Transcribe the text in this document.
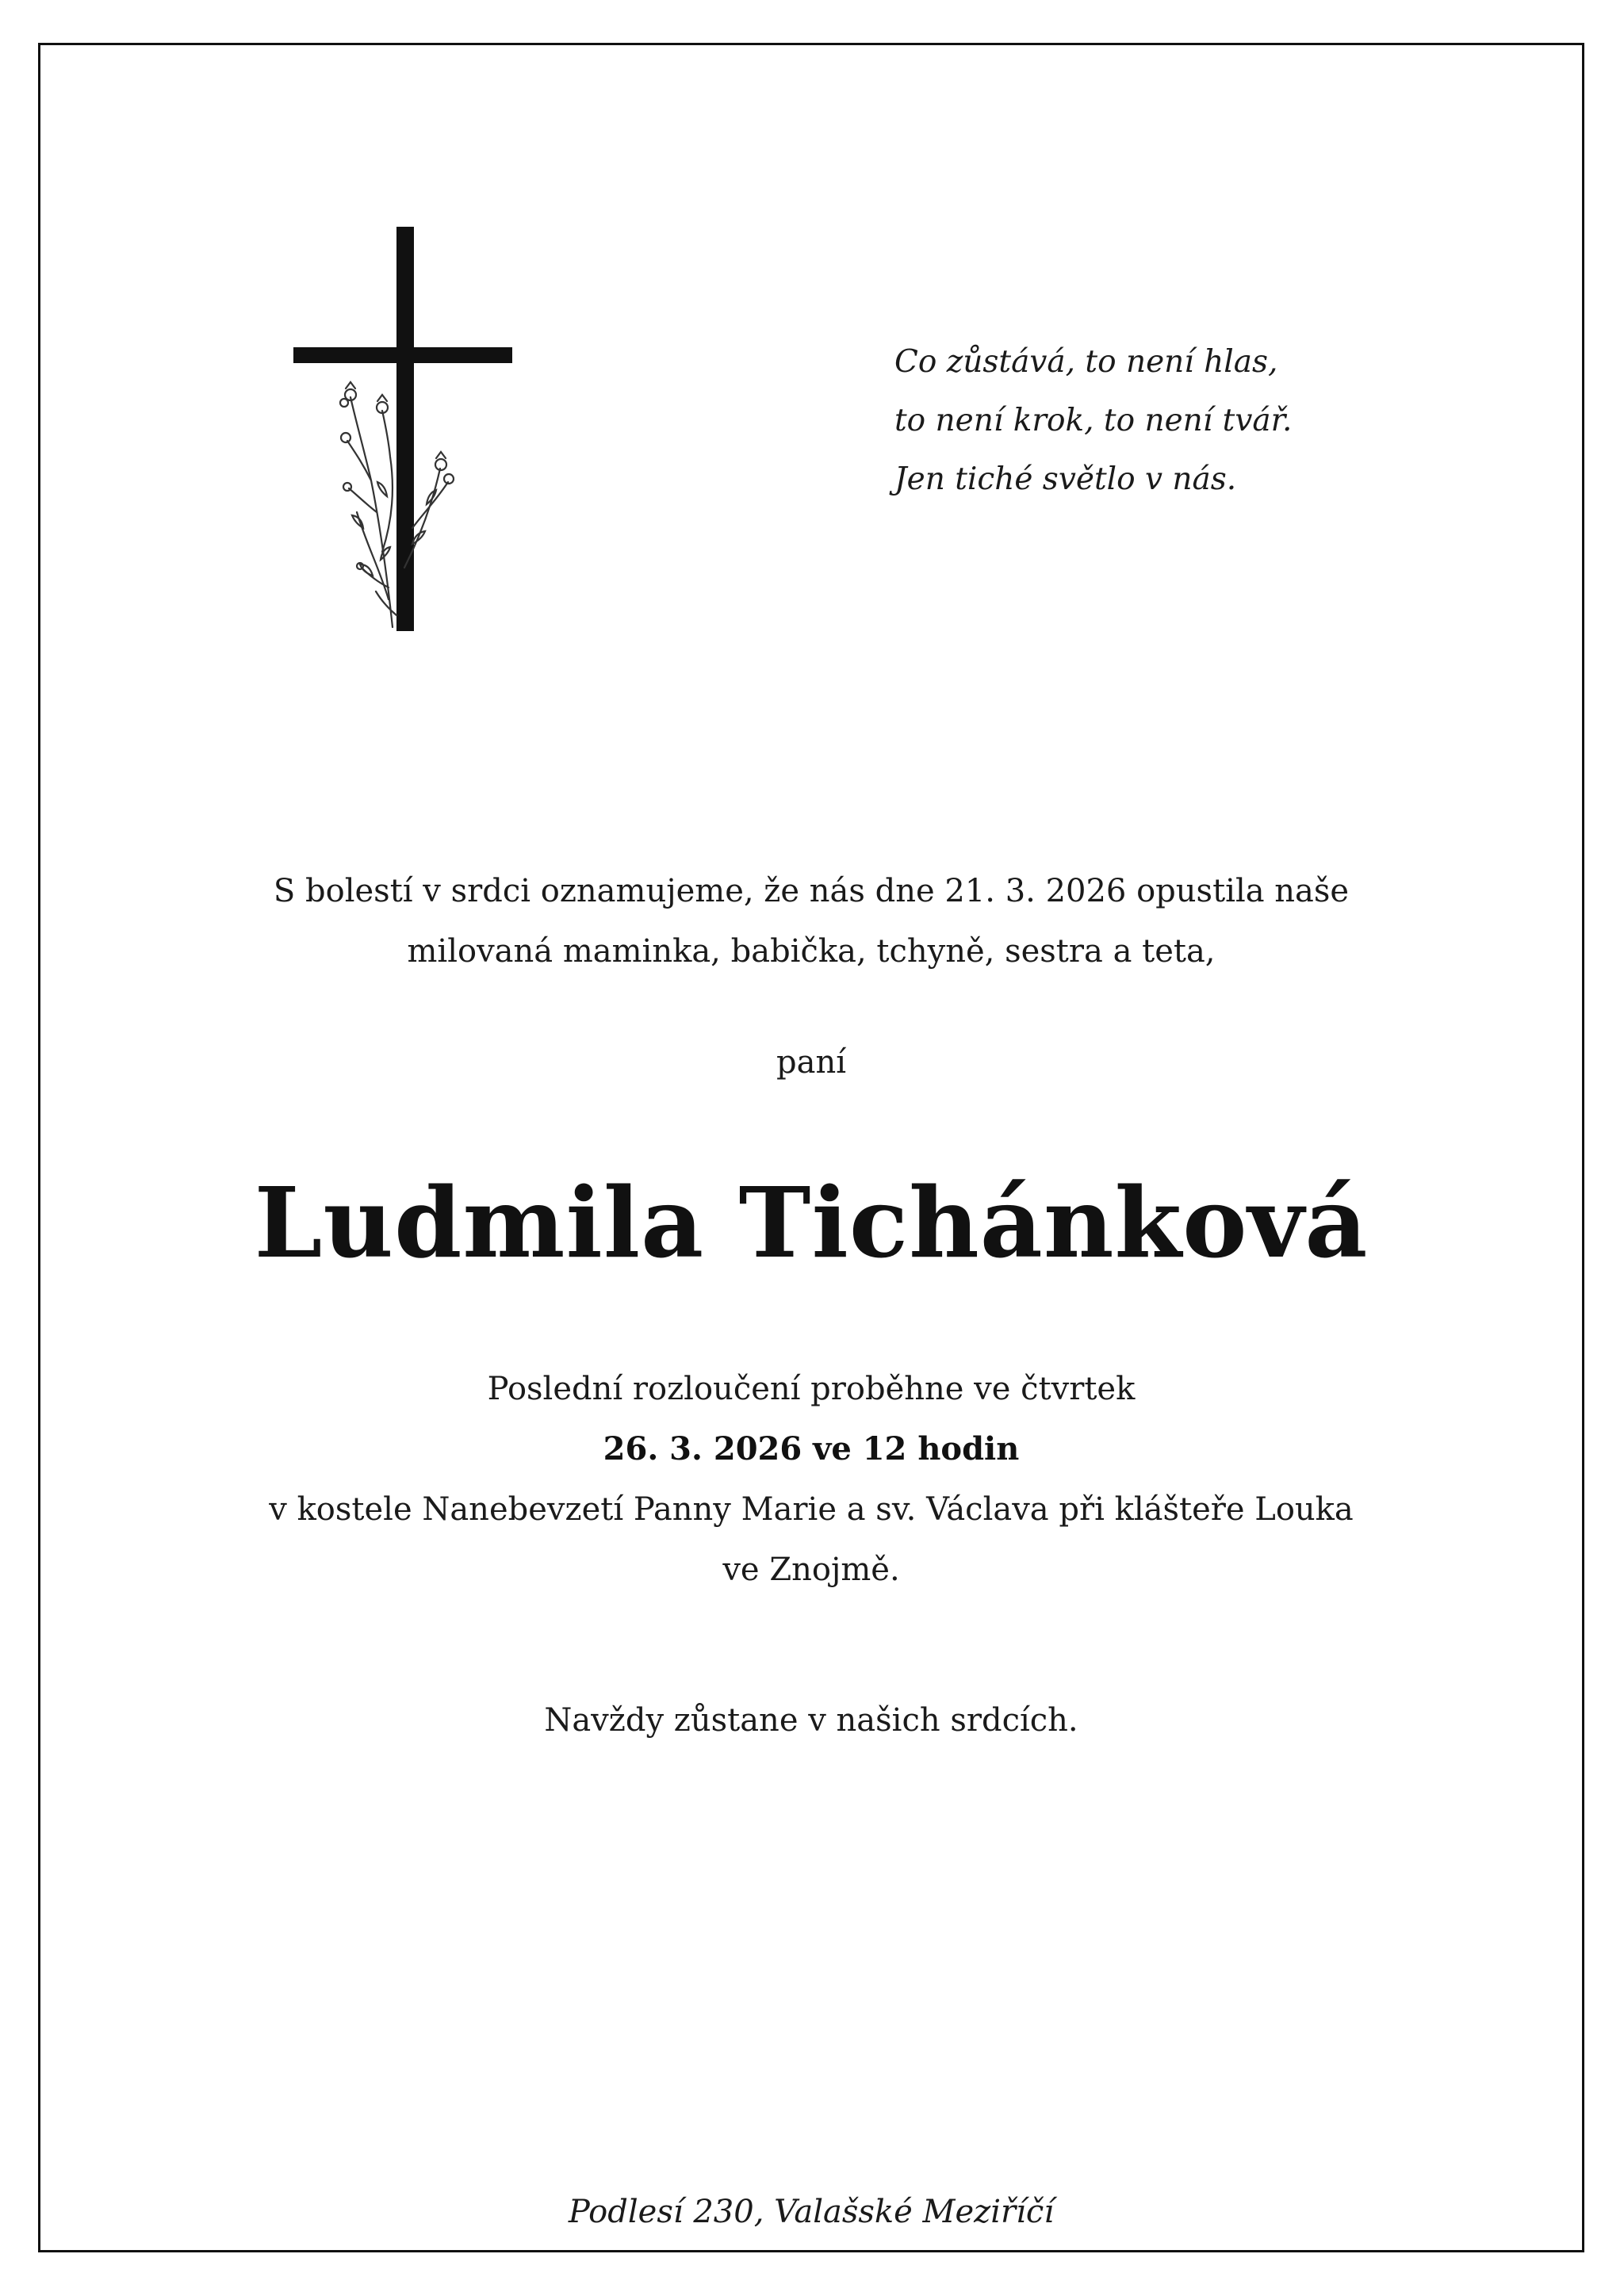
Co zůstává, to není hlas,
to není krok, to není tvář.
Jen tiché světlo v nás.
S bolestí v srdci oznamujeme, že nás dne 21. 3. 2026 opustila naše
milovaná maminka, babička, tchyně, sestra a teta,
paní
Ludmila Tichánková
Poslední rozloučení proběhne ve čtvrtek
26. 3. 2026 ve 12 hodin
v kostele Nanebevzetí Panny Marie a sv. Václava při klášteře Louka
ve Znojmě.
Navždy zůstane v našich srdcích.
Podlesí 230, Valašské Meziříčí
